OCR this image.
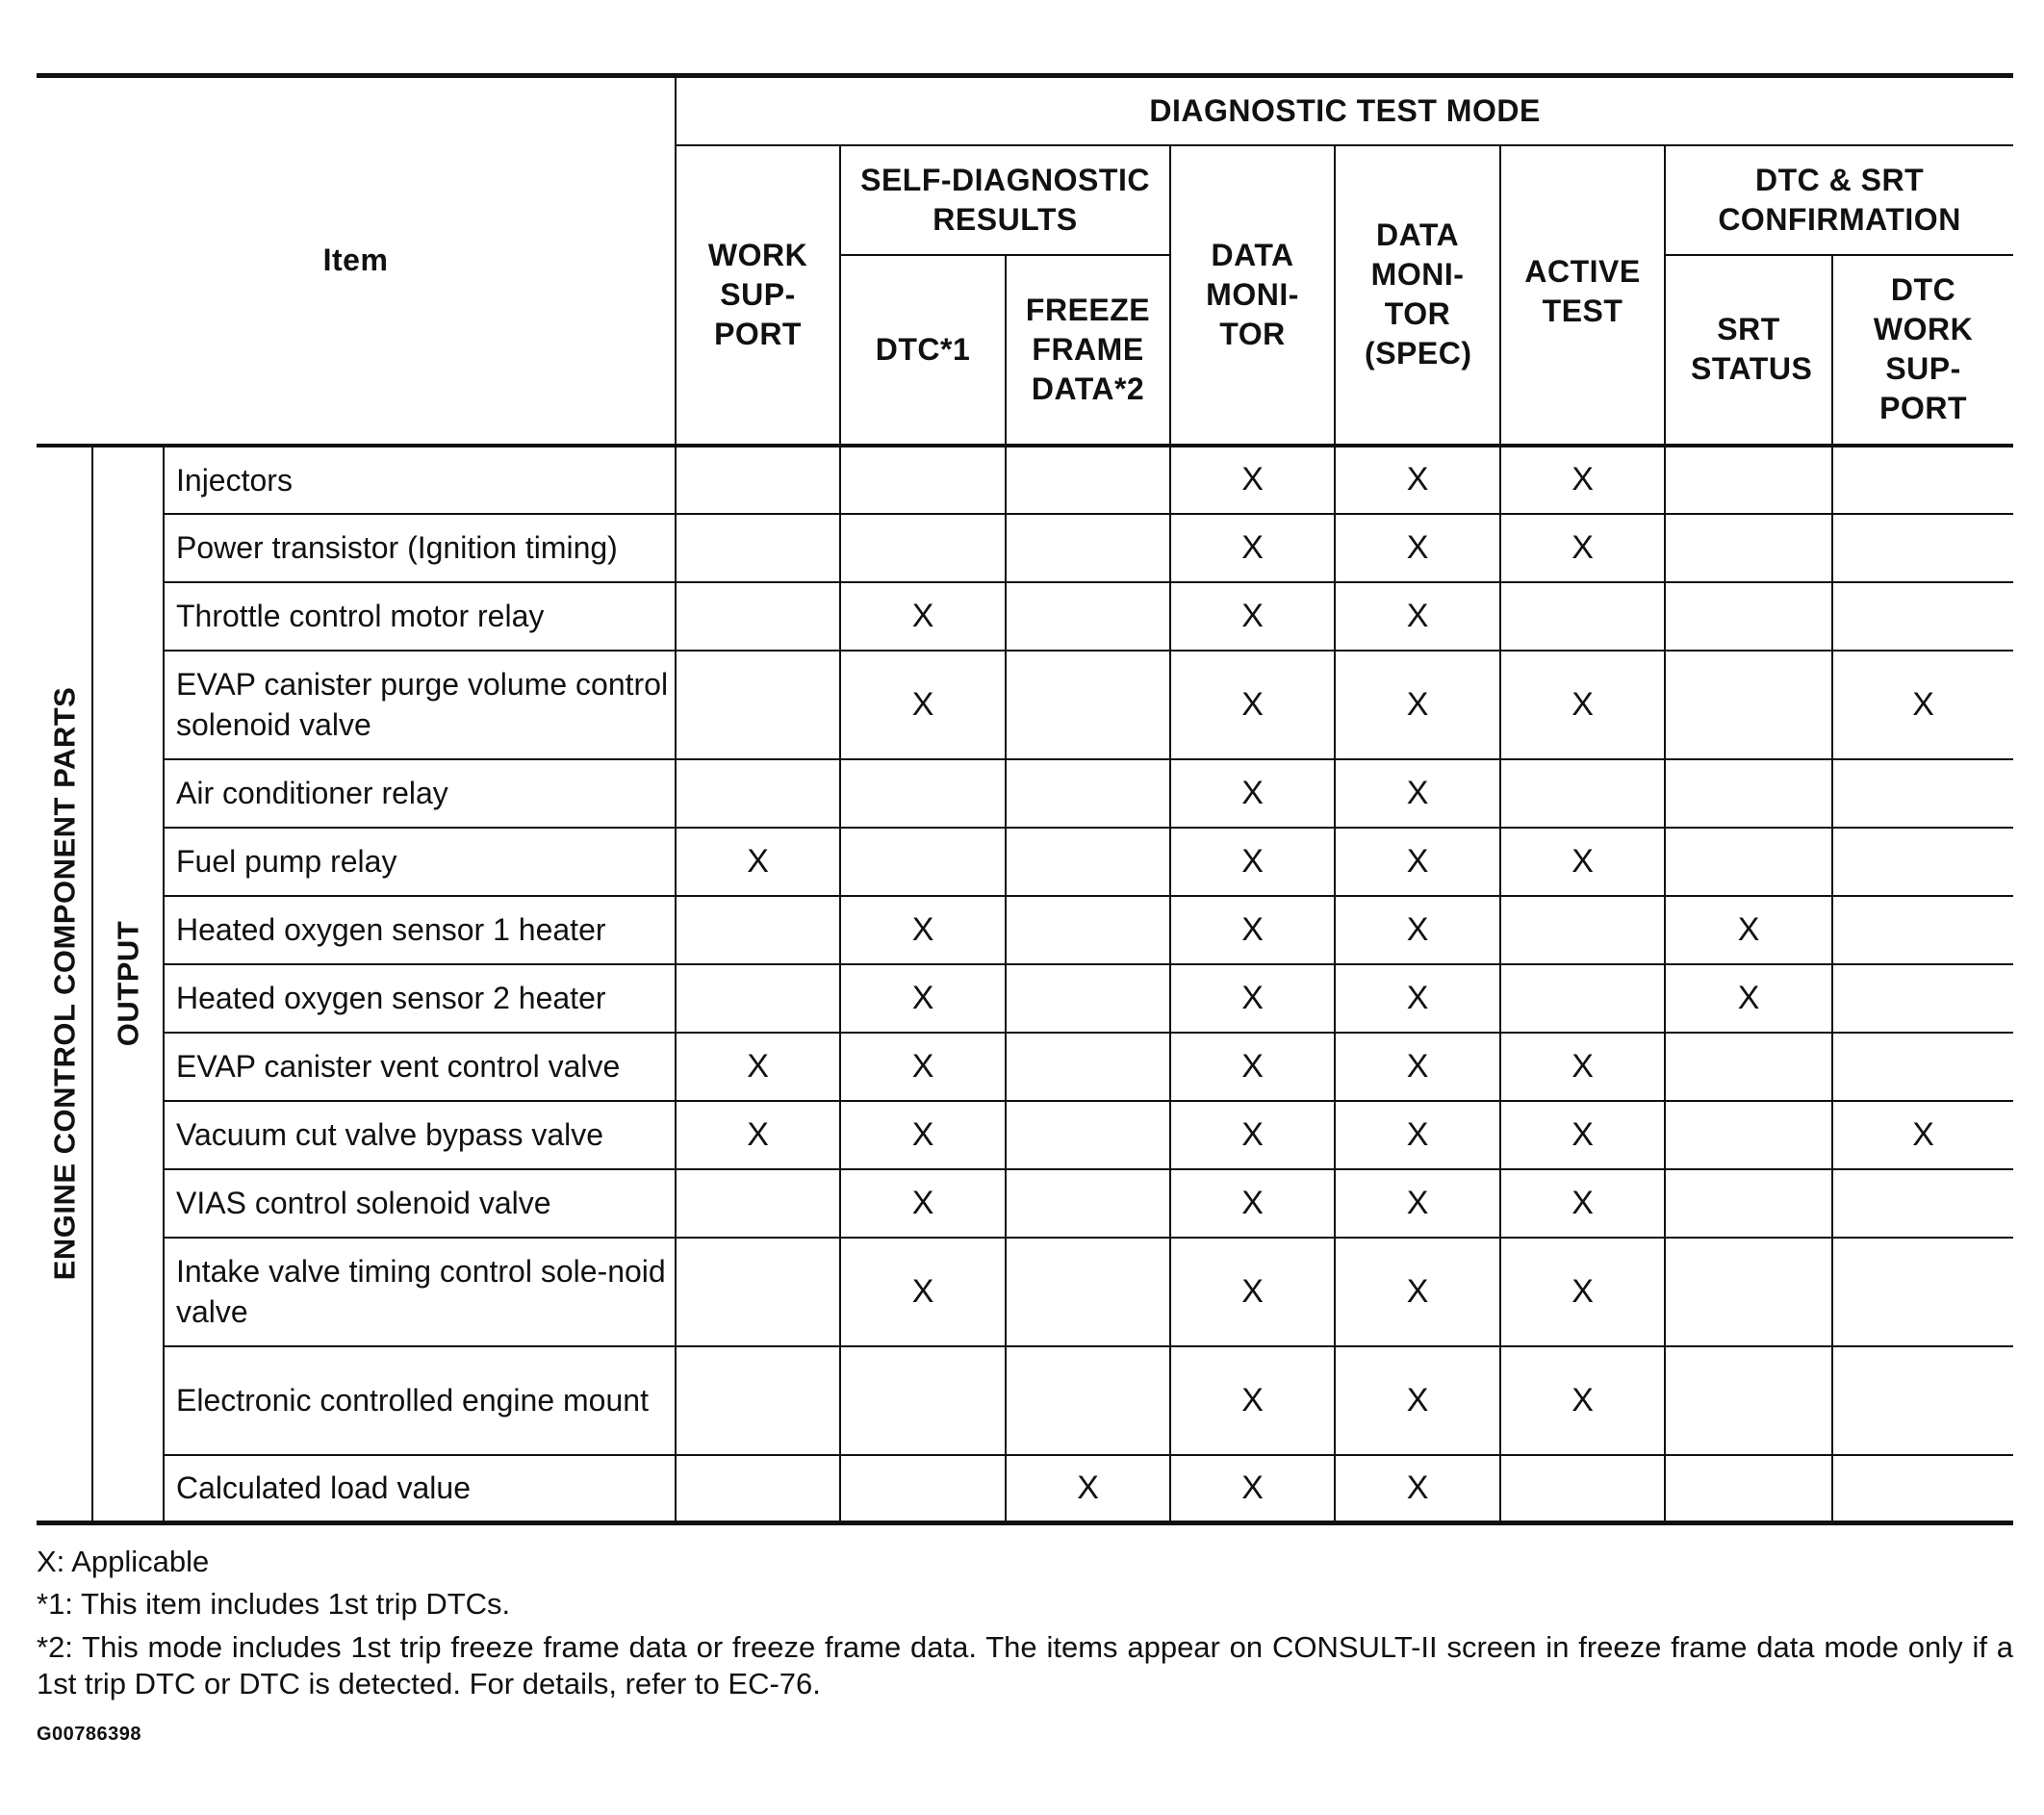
Item			DIAGNOSTIC TEST MODE							
			WORK SUP-PORT	SELF-DIAGNOSTIC RESULTS		DATA MONI-TOR	DATA MONI-TOR (SPEC)	ACTIVE TEST	DTC & SRT CONFIRMATION	
				DTC*1	FREEZE FRAME DATA*2				SRT STATUS	DTC WORK SUP-PORT

ENGINE CONTROL COMPONENT PARTS	OUTPUT	Injectors				X	X	X		
		Power transistor (Ignition timing)				X	X	X		
		Throttle control motor relay		X		X	X			
		EVAP canister purge volume control solenoid valve		X		X	X	X		X
		Air conditioner relay				X	X			
		Fuel pump relay	X			X	X	X		
		Heated oxygen sensor 1 heater		X		X	X		X	
		Heated oxygen sensor 2 heater		X		X	X		X	
		EVAP canister vent control valve	X	X		X	X	X		
		Vacuum cut valve bypass valve	X	X		X	X	X		X
		VIAS control solenoid valve		X		X	X	X		
		Intake valve timing control sole-noid valve		X		X	X	X		
		Electronic controlled engine mount				X	X	X		
		Calculated load value			X	X	X			

X: Applicable

*1: This item includes 1st trip DTCs.

*2: This mode includes 1st trip freeze frame data or freeze frame data. The items appear on CONSULT-II screen in freeze frame data mode only if a 1st trip DTC or DTC is detected. For details, refer to EC-76.

G00786398
